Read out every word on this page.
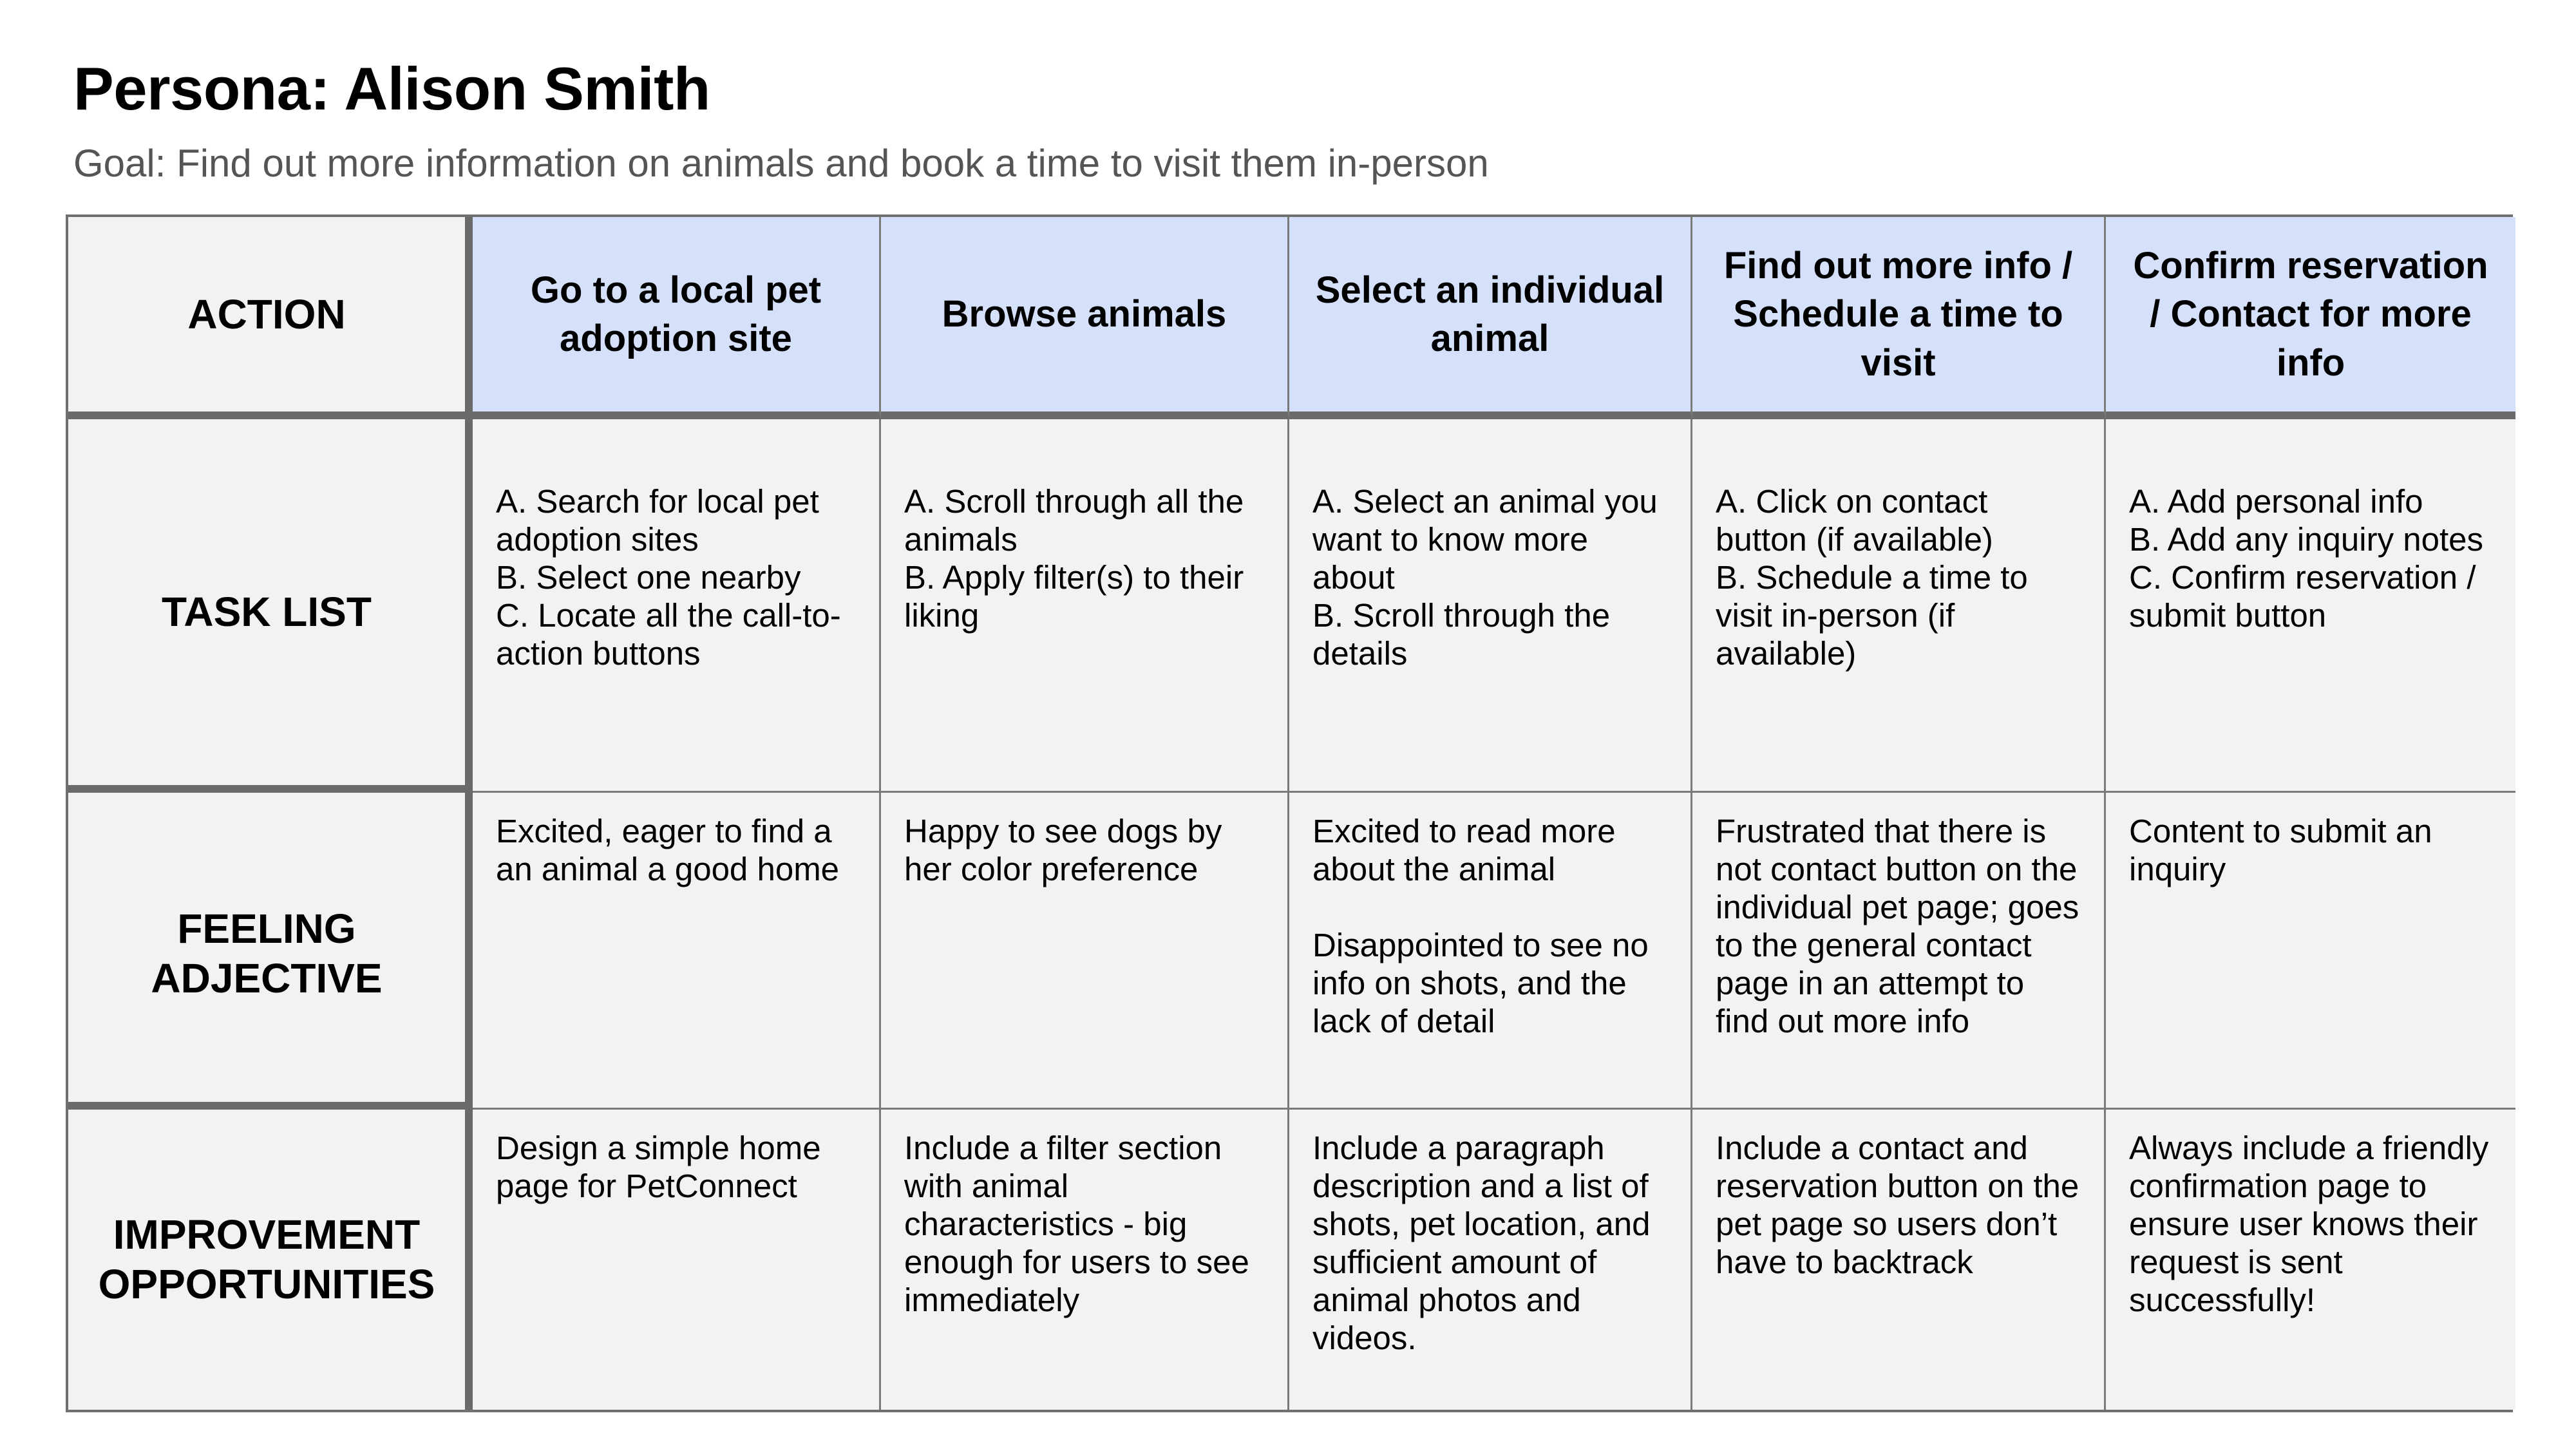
Persona: Alison Smith

Goal: Find out more information on animals and book a time to visit them in-person

ACTION
Go to a local pet adoption site
Browse animals
Select an individual animal
Find out more info / Schedule a time to visit
Confirm reservation / Contact for more info
TASK LIST
A. Search for local pet adoption sites
B. Select one nearby
C. Locate all the call-to-action buttons
A. Scroll through all the animals
B. Apply filter(s) to their liking
A. Select an animal you want to know more about
B. Scroll through the details
A. Click on contact button (if available)
B. Schedule a time to visit in-person (if available)
A. Add personal info
B. Add any inquiry notes
C. Confirm reservation / submit button
FEELING
ADJECTIVE
Excited, eager to find a an animal a good home
Happy to see dogs by her color preference
Excited to read more about the animal

Disappointed to see no info on shots, and the lack of detail
Frustrated that there is not contact button on the individual pet page; goes to the general contact page in an attempt to find out more info
Content to submit an inquiry
IMPROVEMENT
OPPORTUNITIES
Design a simple home page for PetConnect
Include a filter section with animal characteristics - big enough for users to see immediately
Include a paragraph description and a list of shots, pet location, and sufficient amount of animal photos and videos.
Include a contact and reservation button on the pet page so users don’t have to backtrack
Always include a friendly confirmation page to ensure user knows their request is sent successfully!
